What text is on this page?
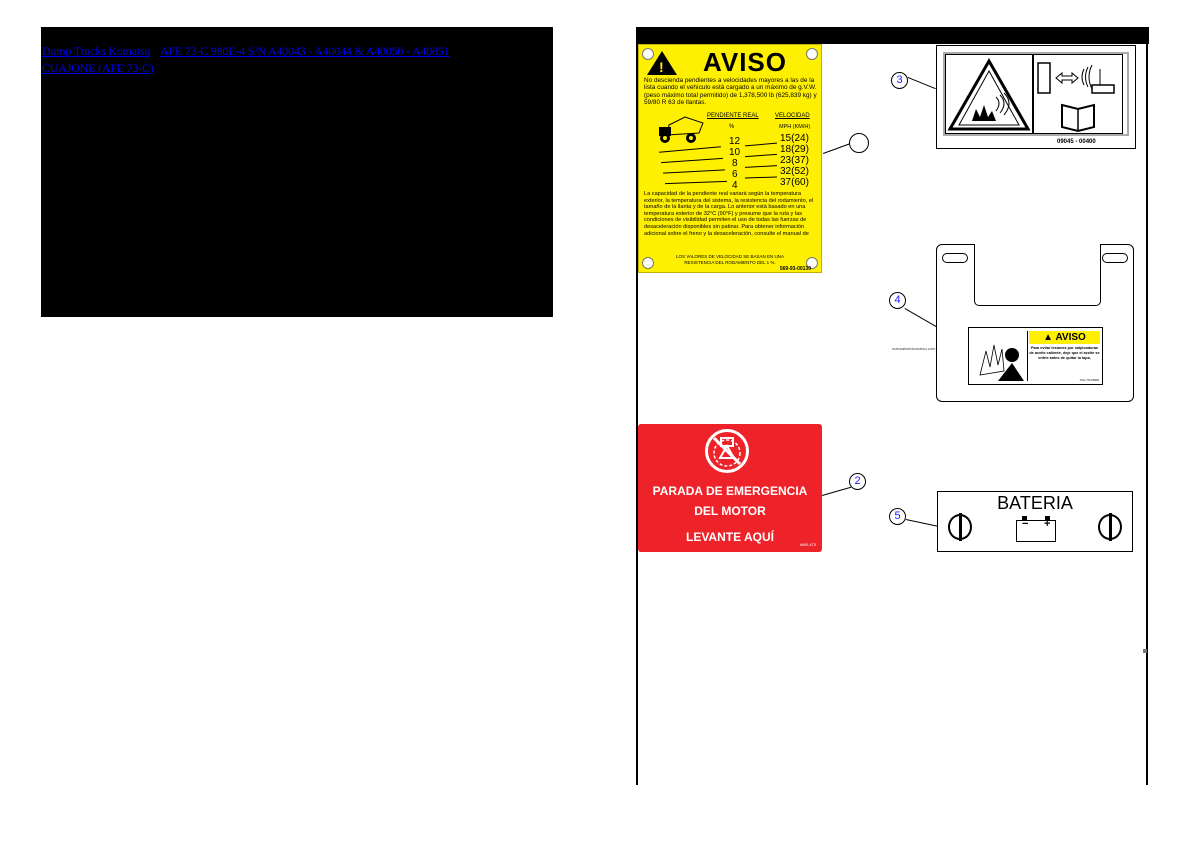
Dump Trucks Komatsu AFE 73-C 980E-4 S/N A40043 - A40044 & A40050 - A40051
CUAJONE (AFE 73-C)	!	AVISO
No descienda pendientes a velocidades mayores a las de la lista cuando el vehículo está cargado a un máximo de g.V.W. (peso máximo total permitido) de 1,378,500 lb (625,839 kg) y 59/80 R 63 de llantas.
PENDIENTE REAL	VELOCIDAD
%	MPH (KM/H)
12	15(24)
10	18(29)
8	23(37)
6	32(52)
4	37(60)
La capacidad de la pendiente real variará según la temperatura exterior, la temperatura del sistema, la resistencia del rodamiento, el tamaño de la llanta y de la carga. Lo anterior está basado en una temperatura exterior de 32°C (90°F) y presume que la ruta y las condiciones de visibilidad permiten el uso de todas las fuerzas de desaceleración disponibles sin patinar. Para obtener información adicional sobre el freno y la desaceleración, consulte el manual de
LOS VALORES DE VELOCIDAD SE BASAN EN UNA RESISTENCIA DEL RODAMIENTO DEL 1 %.
569-93-00130
3
09045 - 00400
4
▲ AVISO
Para evitar lesiones por salpicaduras de aceite caliente, deje que el aceite se enfríe antes de quitar la tapa.
XXL-75-03005
manualsdekomatsu.com
PARADA DE EMERGENCIA
DEL MOTOR
LEVANTE AQUÍ
W80-473
2
5
BATERIA
− +
